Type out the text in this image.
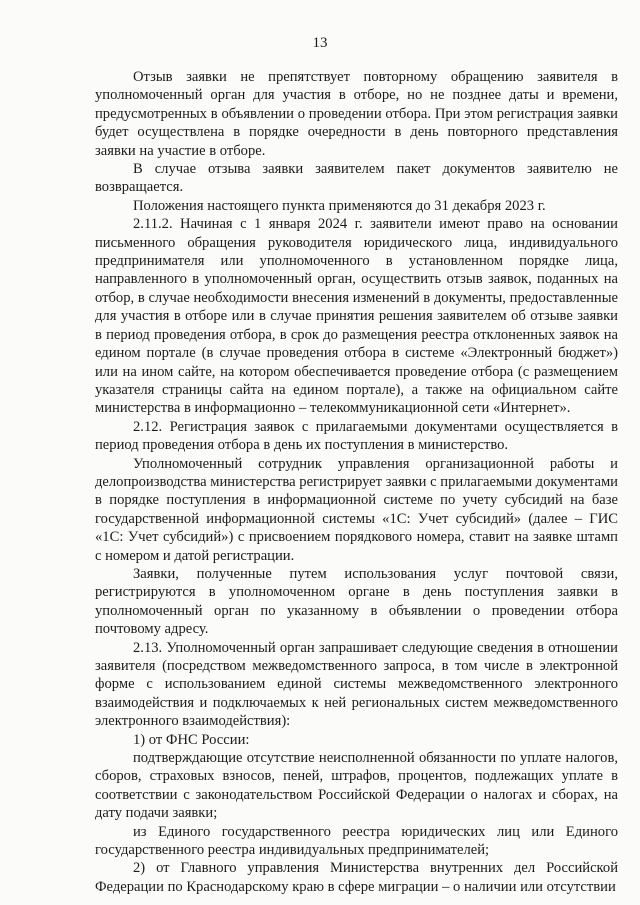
13

Отзыв заявки не препятствует повторному обращению заявителя в уполномоченный орган для участия в отборе, но не позднее даты и времени, предусмотренных в объявлении о проведении отбора. При этом регистрация заявки будет осуществлена в порядке очередности в день повторного представления заявки на участие в отборе.

В случае отзыва заявки заявителем пакет документов заявителю не возвращается.

Положения настоящего пункта применяются до 31 декабря 2023 г.

2.11.2. Начиная с 1 января 2024 г. заявители имеют право на основании письменного обращения руководителя юридического лица, индивидуального предпринимателя или уполномоченного в установленном порядке лица, направленного в уполномоченный орган, осуществить отзыв заявок, поданных на отбор, в случае необходимости внесения изменений в документы, предоставленные для участия в отборе или в случае принятия решения заявителем об отзыве заявки в период проведения отбора, в срок до размещения реестра отклоненных заявок на едином портале (в случае проведения отбора в системе «Электронный бюджет») или на ином сайте, на котором обеспечивается проведение отбора (с размещением указателя страницы сайта на едином портале), а также на официальном сайте министерства в информационно – телекоммуникационной сети «Интернет».

2.12. Регистрация заявок с прилагаемыми документами осуществляется в период проведения отбора в день их поступления в министерство.

Уполномоченный сотрудник управления организационной работы и делопроизводства министерства регистрирует заявки с прилагаемыми документами в порядке поступления в информационной системе по учету субсидий на базе государственной информационной системы «1С: Учет субсидий» (далее – ГИС «1С: Учет субсидий») с присвоением порядкового номера, ставит на заявке штамп с номером и датой регистрации.

Заявки, полученные путем использования услуг почтовой связи, регистрируются в уполномоченном органе в день поступления заявки в уполномоченный орган по указанному в объявлении о проведении отбора почтовому адресу.

2.13. Уполномоченный орган запрашивает следующие сведения в отношении заявителя (посредством межведомственного запроса, в том числе в электронной форме с использованием единой системы межведомственного электронного взаимодействия и подключаемых к ней региональных систем межведомственного электронного взаимодействия):

1) от ФНС России:

подтверждающие отсутствие неисполненной обязанности по уплате налогов, сборов, страховых взносов, пеней, штрафов, процентов, подлежащих уплате в соответствии с законодательством Российской Федерации о налогах и сборах, на дату подачи заявки;

из Единого государственного реестра юридических лиц или Единого государственного реестра индивидуальных предпринимателей;

2) от Главного управления Министерства внутренних дел Российской Федерации по Краснодарскому краю в сфере миграции – о наличии или отсутствии
